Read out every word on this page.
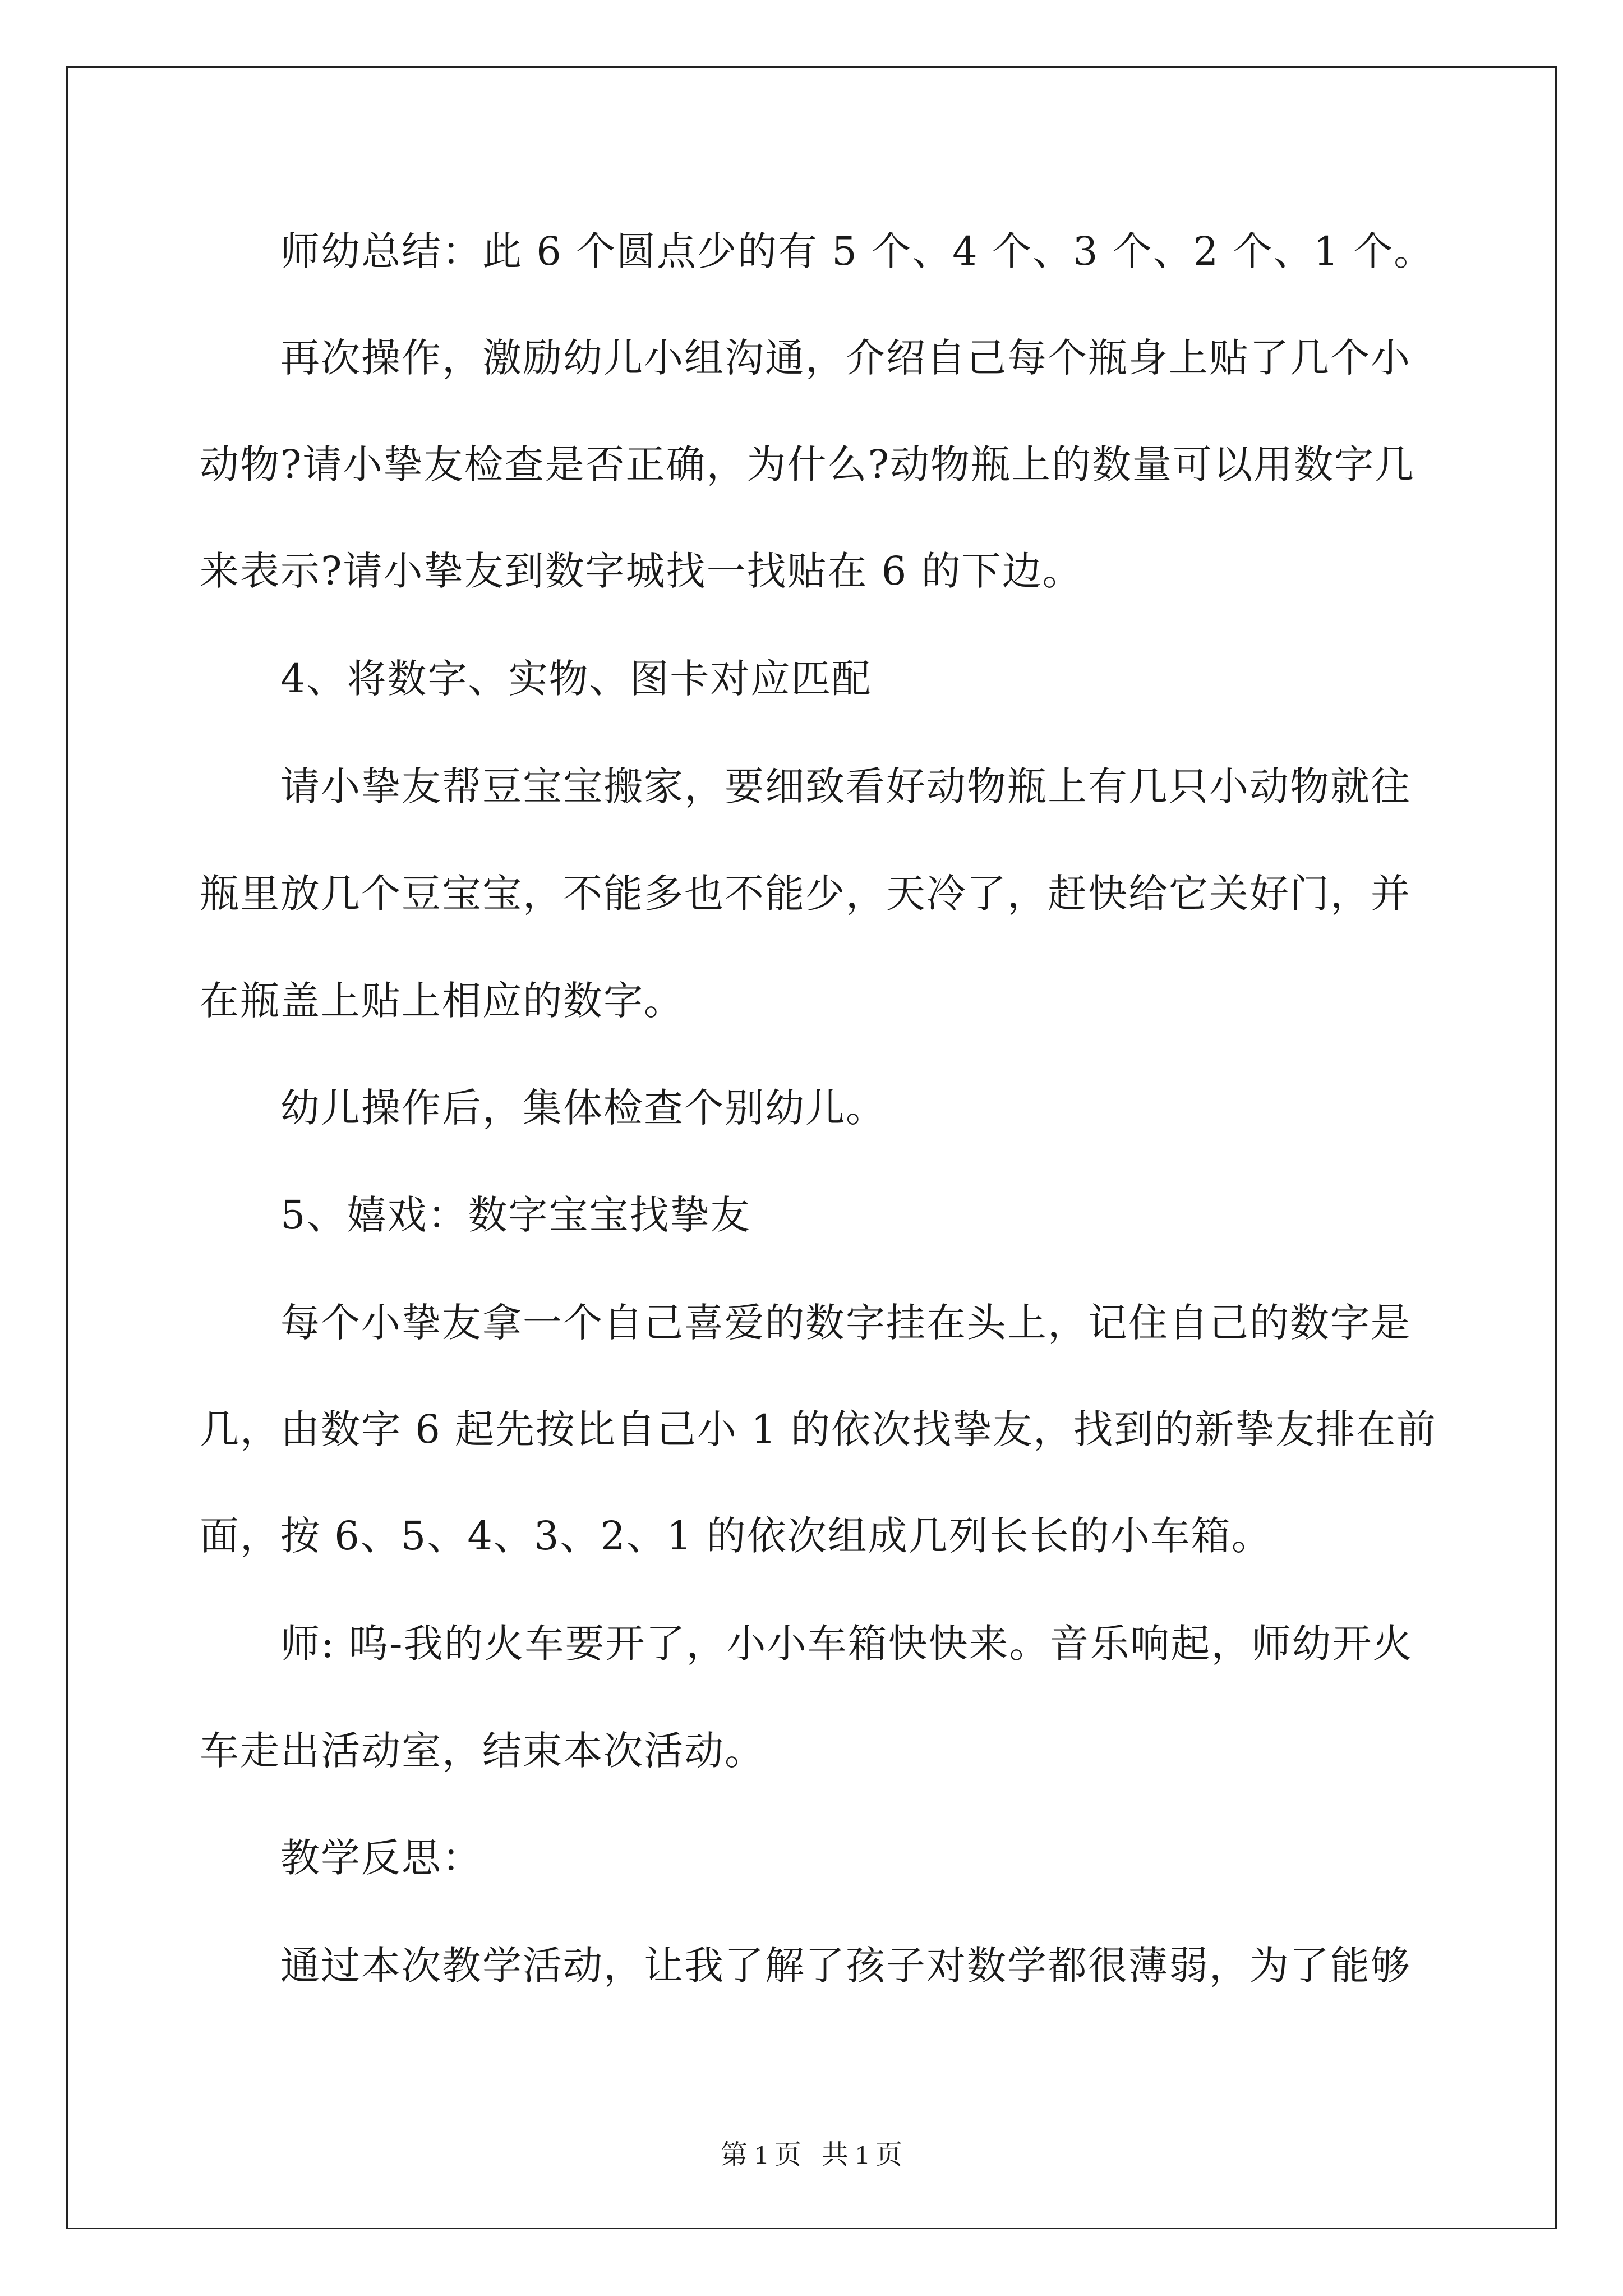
师幼总结：此 6 个圆点少的有 5 个、4 个、3 个、2 个、1 个。
再次操作，激励幼儿小组沟通，介绍自己每个瓶身上贴了几个小
动物?请小挚友检查是否正确，为什么?动物瓶上的数量可以用数字几
来表示?请小挚友到数字城找一找贴在 6 的下边。
4、将数字、实物、图卡对应匹配
请小挚友帮豆宝宝搬家，要细致看好动物瓶上有几只小动物就往
瓶里放几个豆宝宝，不能多也不能少，天冷了，赶快给它关好门，并
在瓶盖上贴上相应的数字。
幼儿操作后，集体检查个别幼儿。
5、嬉戏：数字宝宝找挚友
每个小挚友拿一个自己喜爱的数字挂在头上，记住自己的数字是
几，由数字 6 起先按比自己小 1 的依次找挚友，找到的新挚友排在前
面，按 6、5、4、3、2、1 的依次组成几列长长的小车箱。
师: 呜-我的火车要开了，小小车箱快快来。音乐响起，师幼开火
车走出活动室，结束本次活动。
教学反思：
通过本次教学活动，让我了解了孩子对数学都很薄弱，为了能够
第 1 页 共 1 页
